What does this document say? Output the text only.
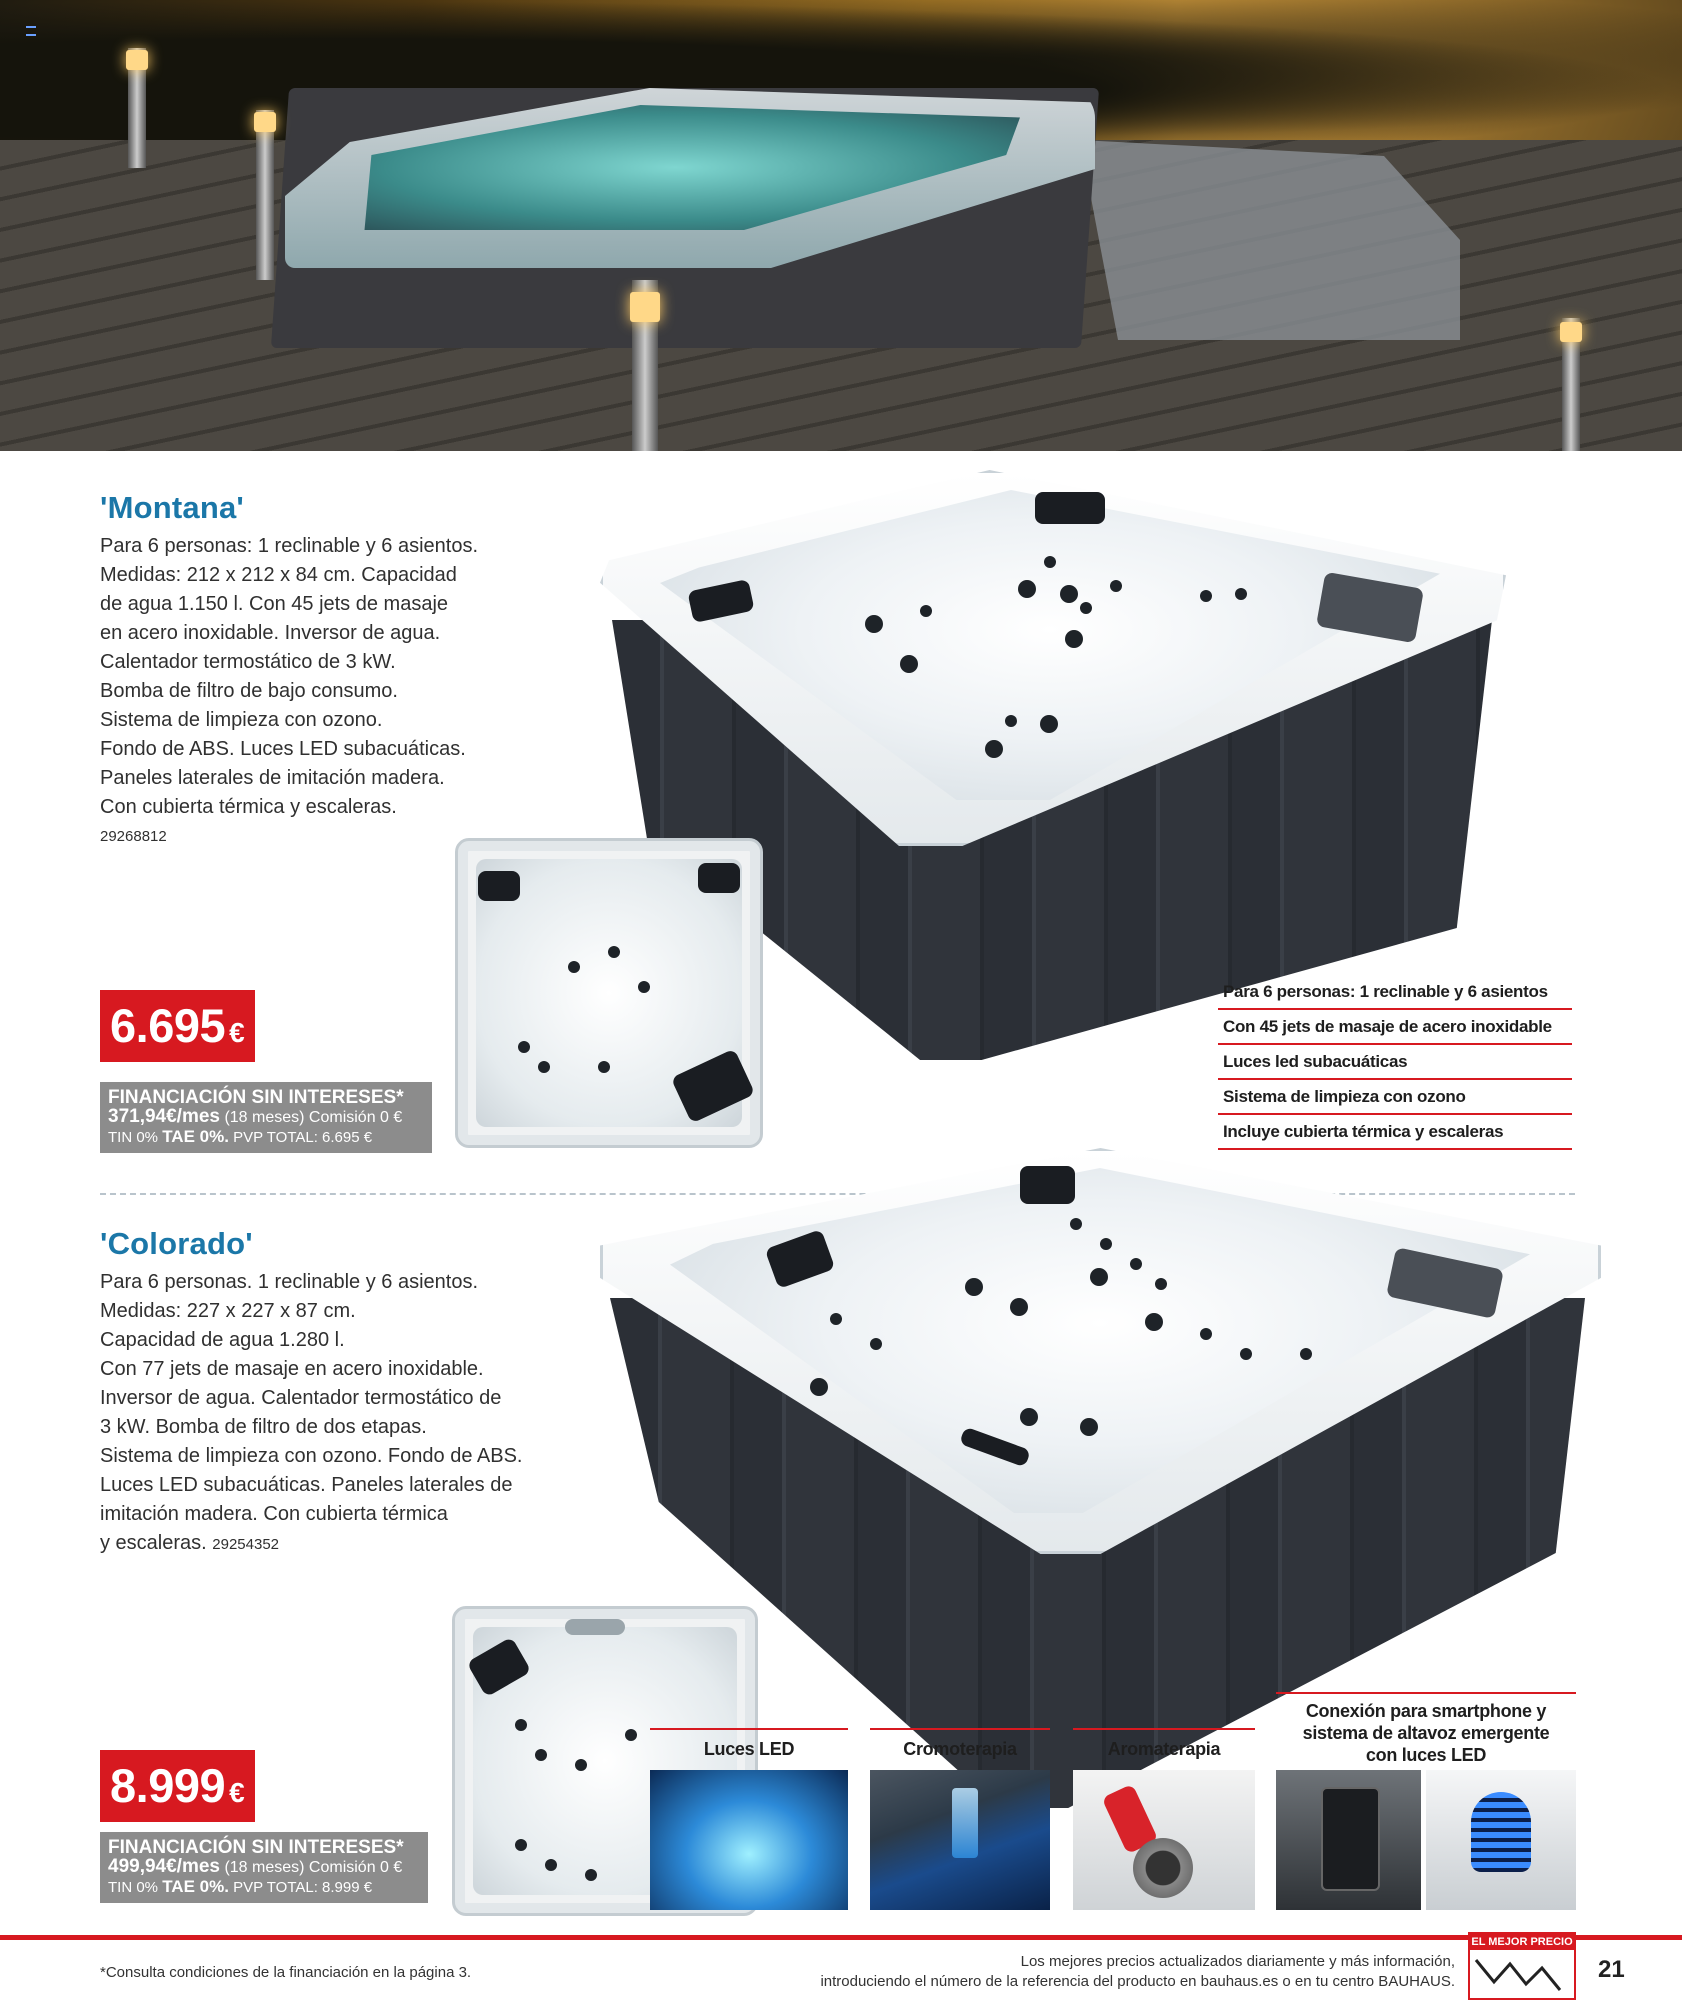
'Montana'
Para 6 personas: 1 reclinable y 6 asientos.
Medidas: 212 x 212 x 84 cm. Capacidad
de agua 1.150 l. Con 45 jets de masaje
en acero inoxidable. Inversor de agua.
Calentador termostático de 3 kW.
Bomba de filtro de bajo consumo.
Sistema de limpieza con ozono.
Fondo de ABS. Luces LED subacuáticas.
Paneles laterales de imitación madera.
Con cubierta térmica y escaleras.
29268812
6.695 €
FINANCIACIÓN SIN INTERESES*
371,94€/mes (18 meses) Comisión 0 €
TIN 0% TAE 0%. PVP TOTAL: 6.695 €
Para 6 personas: 1 reclinable y 6 asientos
Con 45 jets de masaje de acero inoxidable
Luces led subacuáticas
Sistema de limpieza con ozono
Incluye cubierta térmica y escaleras
'Colorado'
Para 6 personas. 1 reclinable y 6 asientos.
Medidas: 227 x 227 x 87 cm.
Capacidad de agua 1.280 l.
Con 77 jets de masaje en acero inoxidable.
Inversor de agua. Calentador termostático de
3 kW. Bomba de filtro de dos etapas.
Sistema de limpieza con ozono. Fondo de ABS.
Luces LED subacuáticas. Paneles laterales de
imitación madera. Con cubierta térmica
y escaleras. 29254352
8.999 €
FINANCIACIÓN SIN INTERESES*
499,94€/mes (18 meses) Comisión 0 €
TIN 0% TAE 0%. PVP TOTAL: 8.999 €
Luces LED	Cromoterapia	Aromaterapia
Conexión para smartphone y sistema de altavoz emergente con luces LED
*Consulta condiciones de la financiación en la página 3.
Los mejores precios actualizados diariamente y más información,
introduciendo el número de la referencia del producto en bauhaus.es o en tu centro BAUHAUS.
EL MEJOR PRECIO
21
